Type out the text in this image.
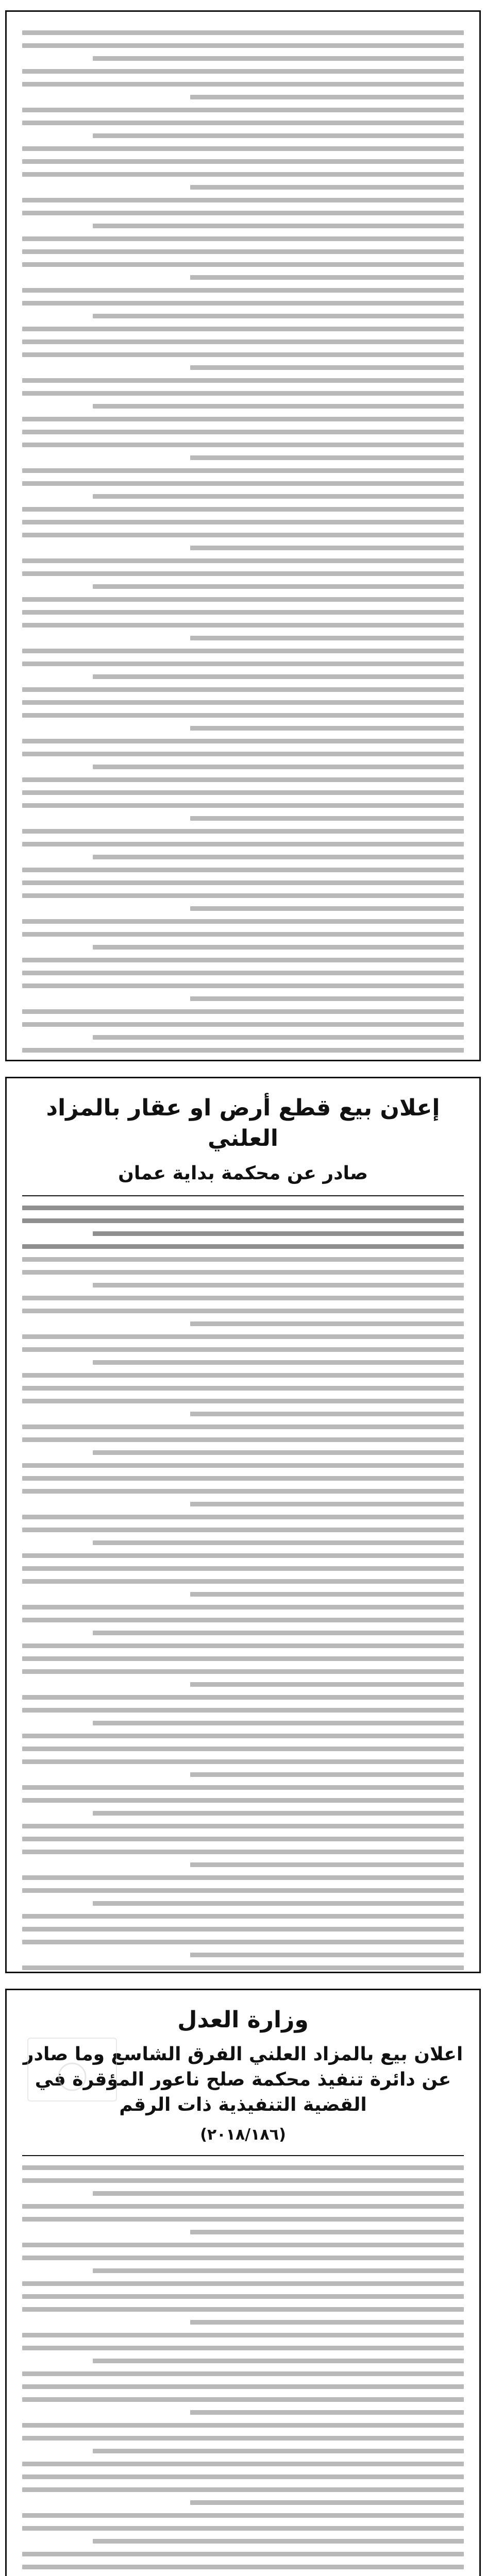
إعلان بيع قطع أرض او عقار بالمزاد العلني
صادر عن محكمة بداية عمان
وزارة العدل
اعلان بيع بالمزاد العلني الفرق الشاسع وما صادر عن دائرة تنفيذ محكمة صلح ناعور المؤقرة في القضية التنفيذية ذات الرقم
(٢٠١٨/١٨٦)
